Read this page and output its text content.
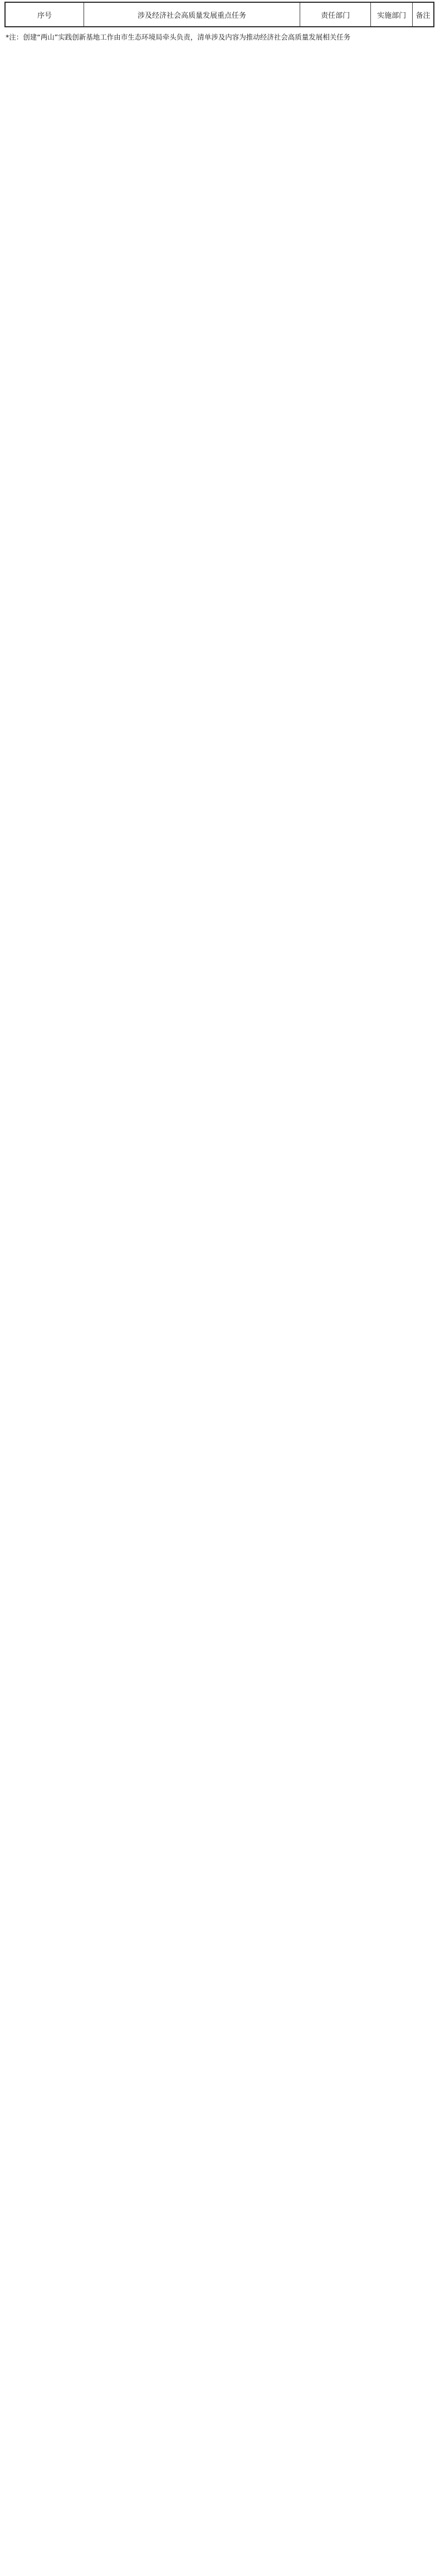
序号	涉及经济社会高质量发展重点任务	责任部门	实施部门	备注
*注：创建“两山”实践创新基地工作由市生态环境局牵头负责，清单涉及内容为推动经济社会高质量发展相关任务
